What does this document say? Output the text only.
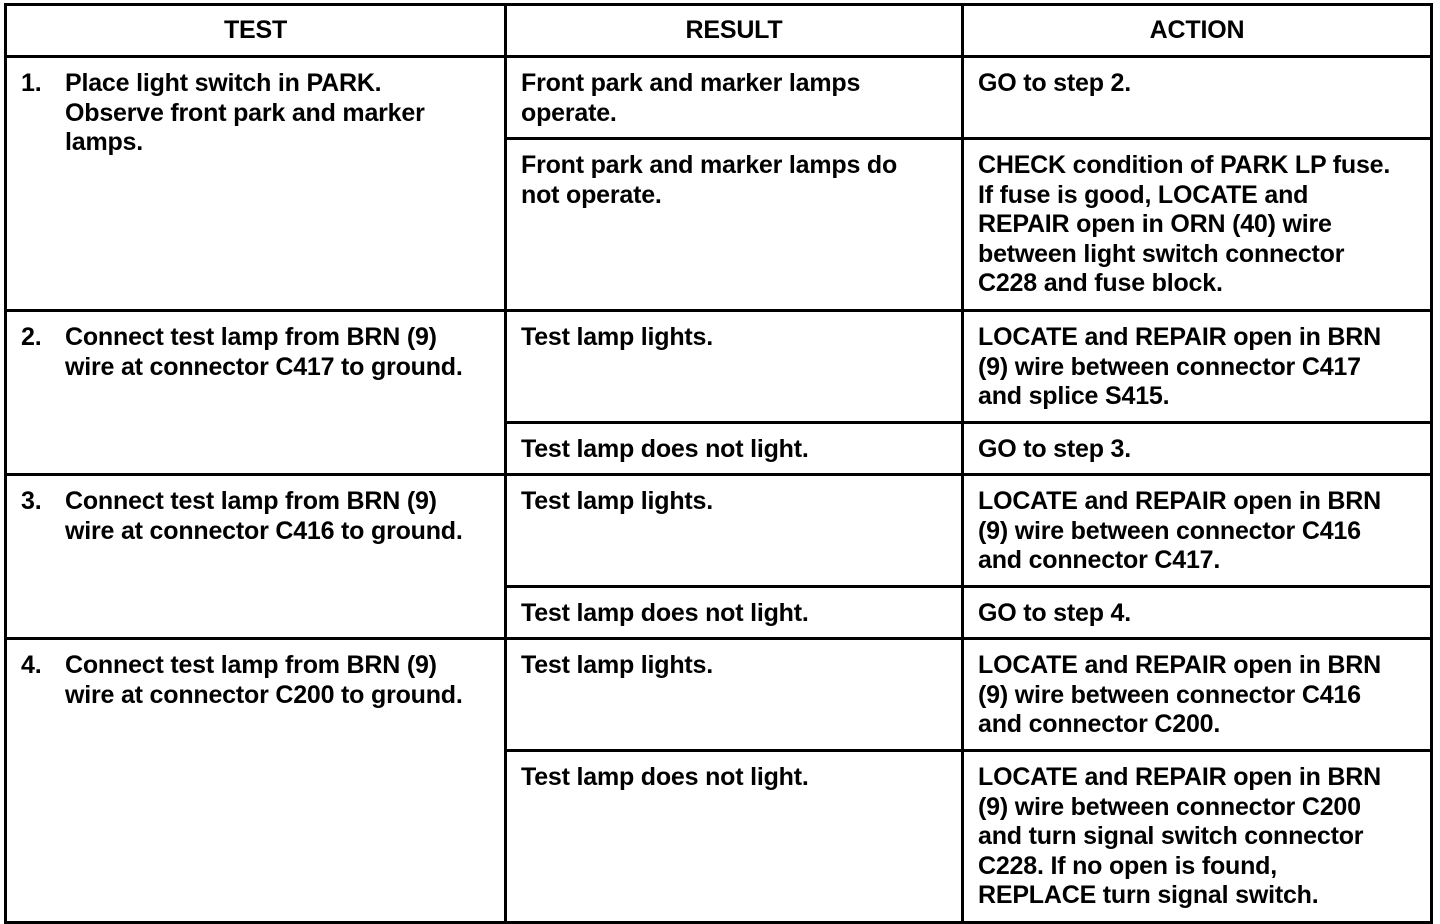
TEST	RESULT	ACTION

1. Place light switch in PARK.
Observe front park and marker
lamps.	Front park and marker lamps
operate.	GO to step 2.

	Front park and marker lamps do
not operate.	CHECK condition of PARK LP fuse.
If fuse is good, LOCATE and
REPAIR open in ORN (40) wire
between light switch connector
C228 and fuse block.

2. Connect test lamp from BRN (9)
wire at connector C417 to ground.	Test lamp lights.	LOCATE and REPAIR open in BRN
(9) wire between connector C417
and splice S415.

	Test lamp does not light.	GO to step 3.

3. Connect test lamp from BRN (9)
wire at connector C416 to ground.	Test lamp lights.	LOCATE and REPAIR open in BRN
(9) wire between connector C416
and connector C417.

	Test lamp does not light.	GO to step 4.

4. Connect test lamp from BRN (9)
wire at connector C200 to ground.	Test lamp lights.	LOCATE and REPAIR open in BRN
(9) wire between connector C416
and connector C200.

	Test lamp does not light.	LOCATE and REPAIR open in BRN
(9) wire between connector C200
and turn signal switch connector
C228. If no open is found,
REPLACE turn signal switch.
